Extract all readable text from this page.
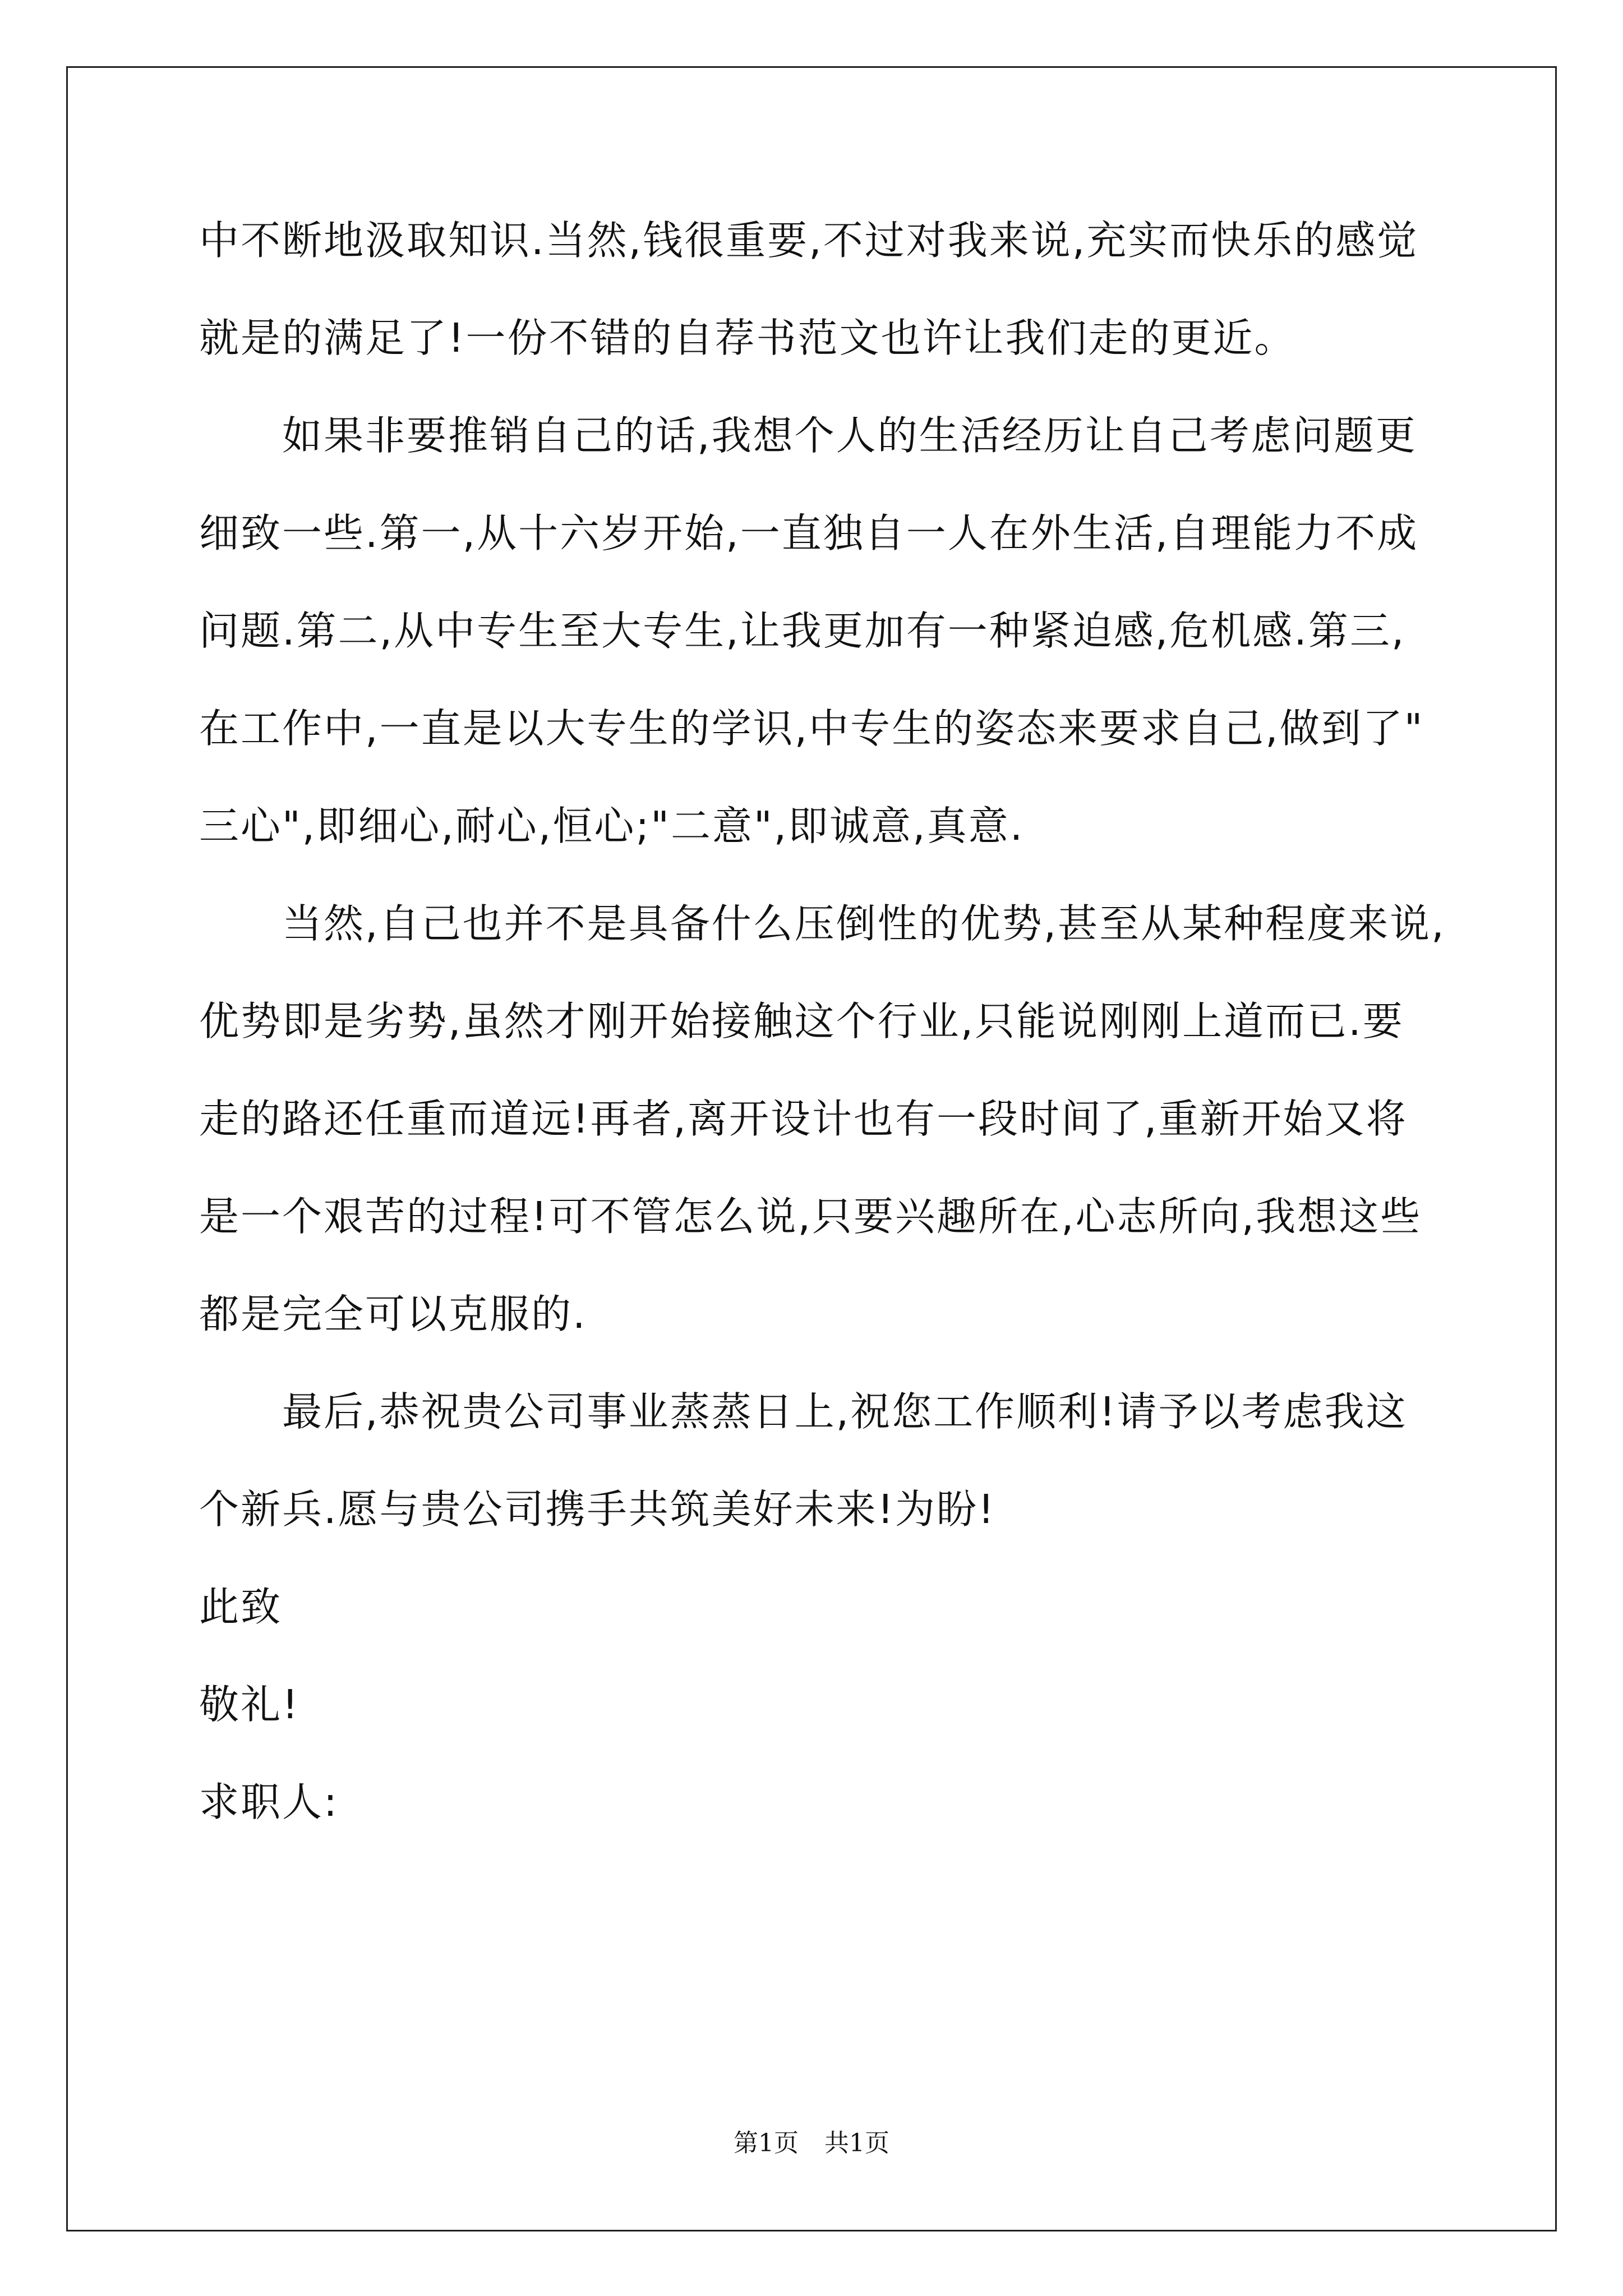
中不断地汲取知识.当然,钱很重要,不过对我来说,充实而快乐的感觉
就是的满足了!一份不错的自荐书范文也许让我们走的更近。
如果非要推销自己的话,我想个人的生活经历让自己考虑问题更
细致一些.第一,从十六岁开始,一直独自一人在外生活,自理能力不成
问题.第二,从中专生至大专生,让我更加有一种紧迫感,危机感.第三,
在工作中,一直是以大专生的学识,中专生的姿态来要求自己,做到了"
三心",即细心,耐心,恒心;"二意",即诚意,真意.
当然,自己也并不是具备什么压倒性的优势,甚至从某种程度来说,
优势即是劣势,虽然才刚开始接触这个行业,只能说刚刚上道而已.要
走的路还任重而道远!再者,离开设计也有一段时间了,重新开始又将
是一个艰苦的过程!可不管怎么说,只要兴趣所在,心志所向,我想这些
都是完全可以克服的.
最后,恭祝贵公司事业蒸蒸日上,祝您工作顺利!请予以考虑我这
个新兵.愿与贵公司携手共筑美好未来!为盼!
此致
敬礼!
求职人:
第1页 共1页
